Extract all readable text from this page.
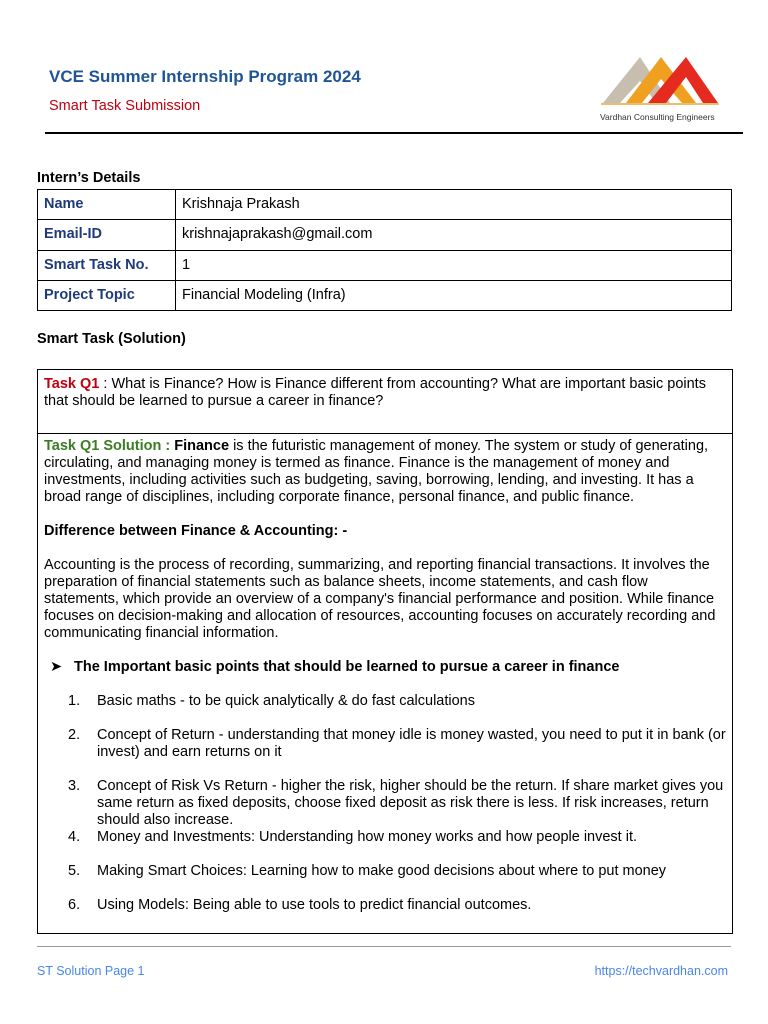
VCE Summer Internship Program 2024
Smart Task Submission
Vardhan Consulting Engineers
Intern’s Details
Name	Krishnaja Prakash
Email-ID	krishnajaprakash@gmail.com
Smart Task No.	1
Project Topic	Financial Modeling (Infra)
Smart Task (Solution)
Task Q1 : What is Finance? How is Finance different from accounting? What are important basic points that should be learned to pursue a career in finance?

Task Q1 Solution : Finance is the futuristic management of money. The system or study of generating, circulating, and managing money is termed as finance. Finance is the management of money and investments, including activities such as budgeting, saving, borrowing, lending, and investing. It has a broad range of disciplines, including corporate finance, personal finance, and public finance.

Difference between Finance & Accounting: -

Accounting is the process of recording, summarizing, and reporting financial transactions. It involves the preparation of financial statements such as balance sheets, income statements, and cash flow statements, which provide an overview of a company's financial performance and position. While finance focuses on decision-making and allocation of resources, accounting focuses on accurately recording and communicating financial information.

➤ The Important basic points that should be learned to pursue a career in finance

1.	Basic maths - to be quick analytically & do fast calculations
2.	Concept of Return - understanding that money idle is money wasted, you need to put it in bank (or invest) and earn returns on it
3.	Concept of Risk Vs Return - higher the risk, higher should be the return. If share market gives you same return as fixed deposits, choose fixed deposit as risk there is less. If risk increases, return should also increase.
4.	Money and Investments: Understanding how money works and how people invest it.
5.	Making Smart Choices: Learning how to make good decisions about where to put money
6.	Using Models: Being able to use tools to predict financial outcomes.
ST Solution Page 1	https://techvardhan.com
